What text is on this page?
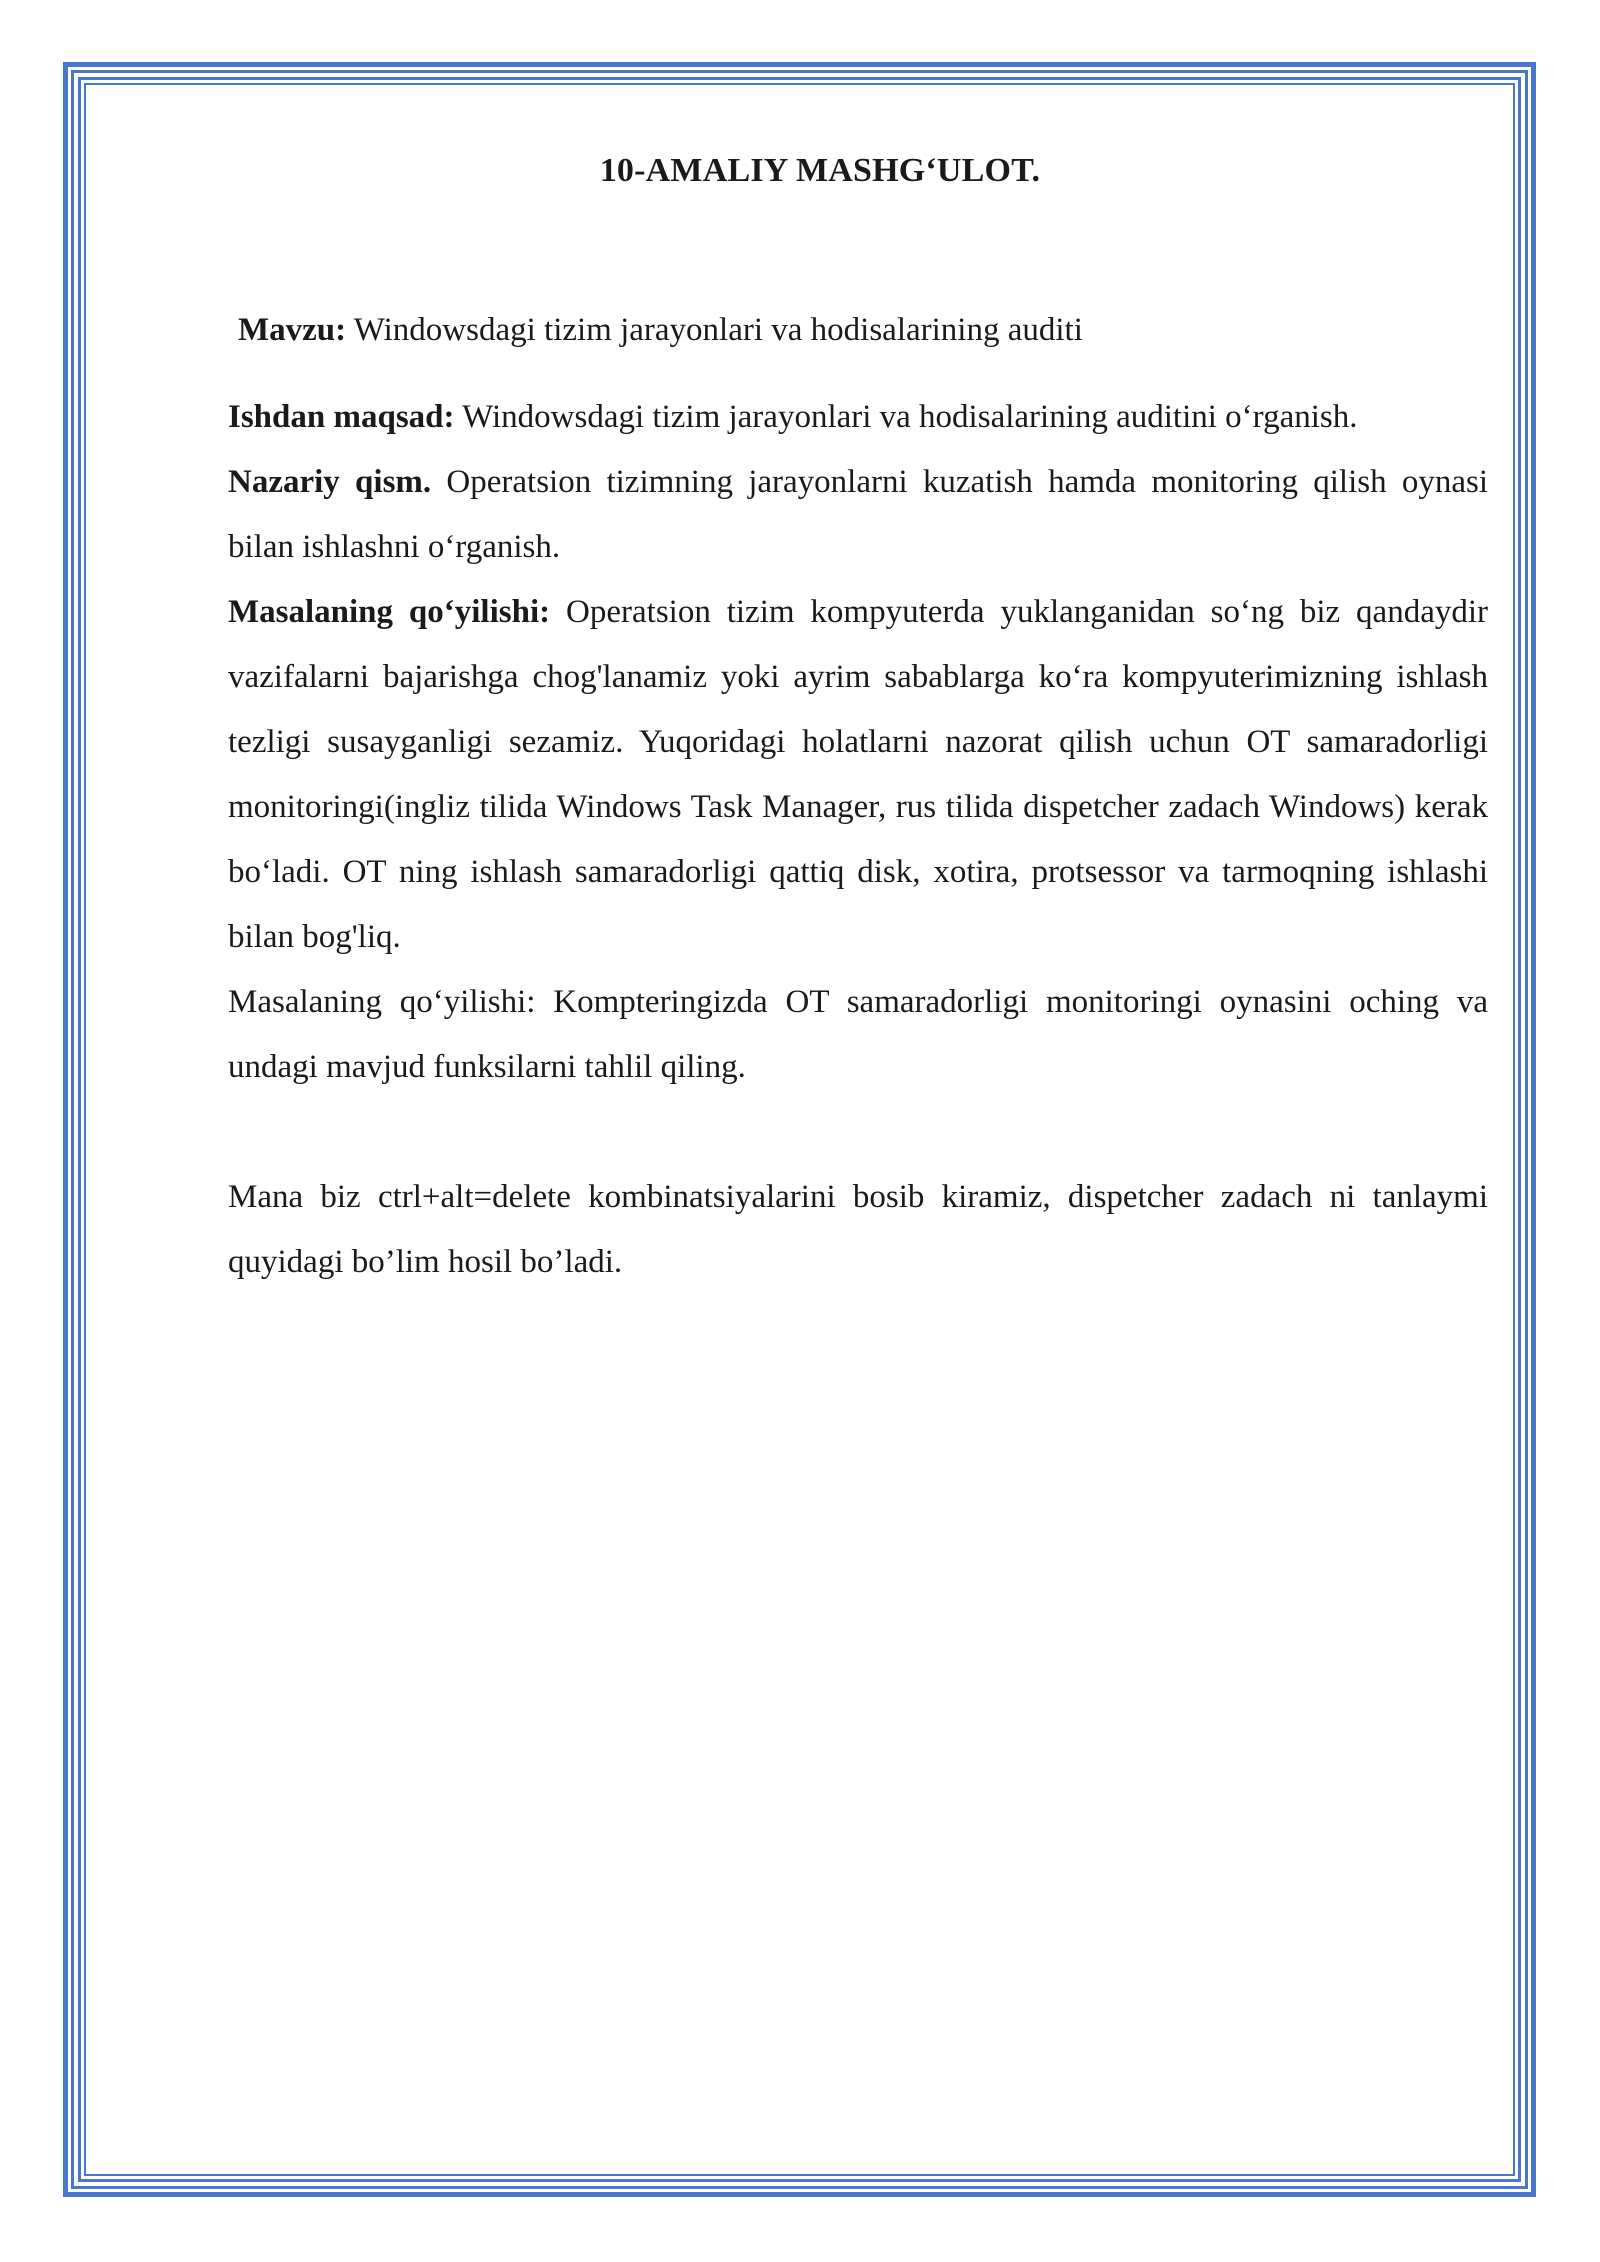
10-AMALIY MASHG‘ULOT.

Mavzu: Windowsdagi tizim jarayonlari va hodisalarining auditi

Ishdan maqsad: Windowsdagi tizim jarayonlari va hodisalarining auditini o‘rganish.

Nazariy qism. Operatsion tizimning jarayonlarni kuzatish hamda monitoring qilish oynasi bilan ishlashni o‘rganish.

Masalaning qo‘yilishi: Operatsion tizim kompyuterda yuklanganidan so‘ng biz qandaydir vazifalarni bajarishga chog'lanamiz yoki ayrim sabablarga ko‘ra kompyuterimizning ishlash tezligi susayganligi sezamiz. Yuqoridagi holatlarni nazorat qilish uchun OT samaradorligi monitoringi(ingliz tilida Windows Task Manager, rus tilida dispetcher zadach Windows) kerak bo‘ladi. OT ning ishlash samaradorligi qattiq disk, xotira, protsessor va tarmoqning ishlashi bilan bog'liq.

Masalaning qo‘yilishi: Kompteringizda OT samaradorligi monitoringi oynasini oching va undagi mavjud funksilarni tahlil qiling.

Mana biz ctrl+alt=delete kombinatsiyalarini bosib kiramiz, dispetcher zadach ni tanlaymi quyidagi bo’lim hosil bo’ladi.
